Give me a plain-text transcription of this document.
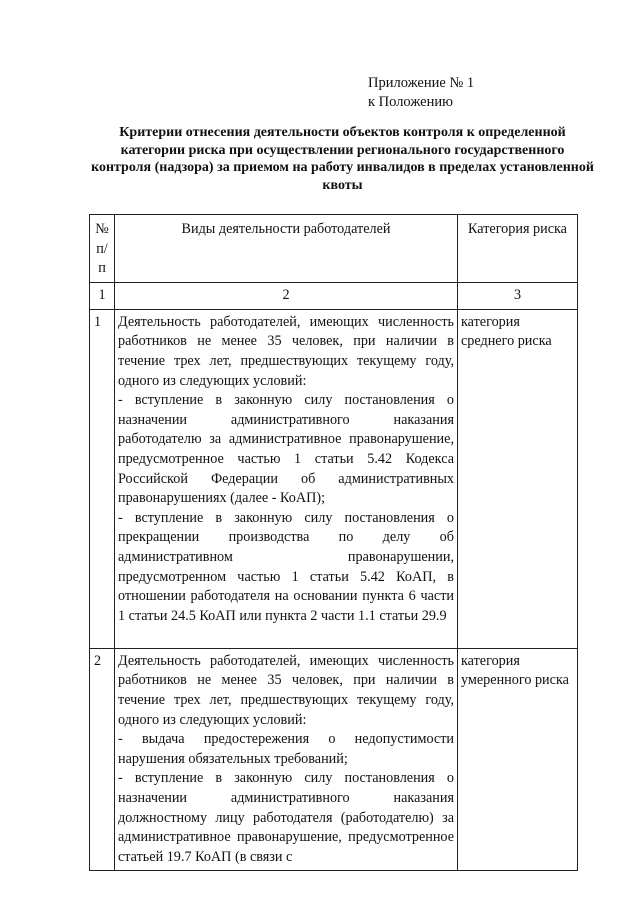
Приложение № 1
к Положению
Критерии отнесения деятельности объектов контроля к определенной категории риска при осуществлении регионального государственного контроля (надзора) за приемом на работу инвалидов в пределах установленной квоты
№ п/п	Виды деятельности работодателей	Категория риска
1	2	3
1	Деятельность работодателей, имеющих численность работников не менее 35 человек, при наличии в течение трех лет, предшествующих текущему году, одного из следующих условий:
- вступление в законную силу постановления о назначении административного наказания работодателю за административное правонарушение, предусмотренное частью 1 статьи 5.42 Кодекса Российской Федерации об административных правонарушениях (далее - КоАП);
- вступление в законную силу постановления о прекращении производства по делу об административном правонарушении, предусмотренном частью 1 статьи 5.42 КоАП, в отношении работодателя на основании пункта 6 части 1 статьи 24.5 КоАП или пункта 2 части 1.1 статьи 29.9	категория среднего риска
2	Деятельность работодателей, имеющих численность работников не менее 35 человек, при наличии в течение трех лет, предшествующих текущему году, одного из следующих условий:
- выдача предостережения о недопустимости нарушения обязательных требований;
- вступление в законную силу постановления о назначении административного наказания должностному лицу работодателя (работодателю) за административное правонарушение, предусмотренное статьей 19.7 КоАП (в связи с	категория умеренного риска
